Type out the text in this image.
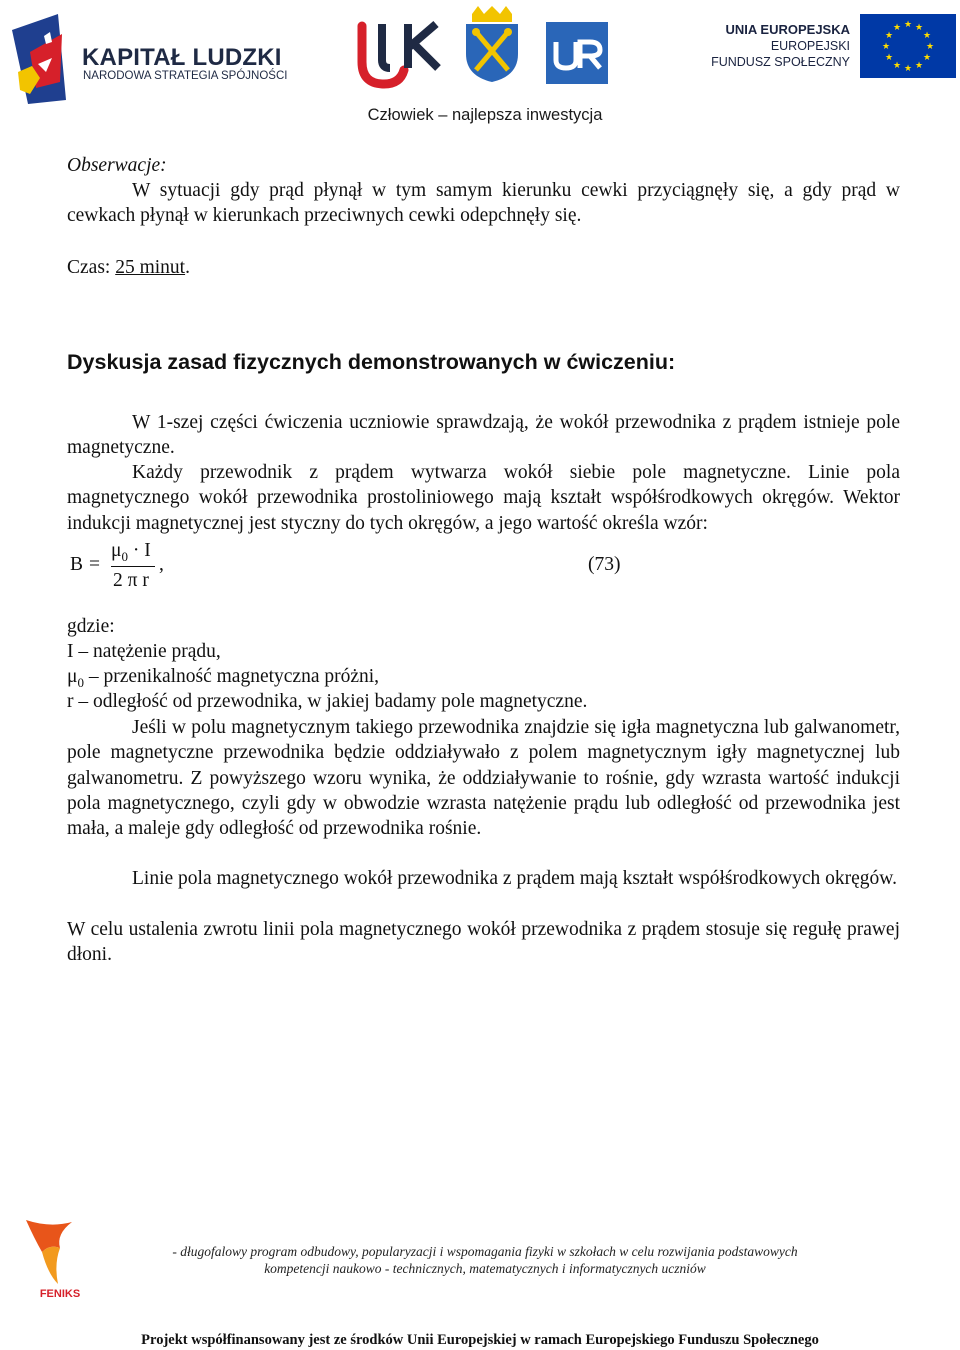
KAPITAŁ LUDZKI
NARODOWA STRATEGIA SPÓJNOŚCI
UNIA EUROPEJSKA
EUROPEJSKI
FUNDUSZ SPOŁECZNY
★ ★
★
★
★
★
★
★
★
★
★
★
Człowiek – najlepsza inwestycja
Obserwacje:
W sytuacji gdy prąd płynął w tym samym kierunku cewki przyciągnęły się, a gdy prąd w cewkach płynął w kierunkach przeciwnych cewki odepchnęły się.
Czas: 25 minut.
Dyskusja zasad fizycznych demonstrowanych w ćwiczeniu:
W 1-szej części ćwiczenia uczniowie sprawdzają, że wokół przewodnika z prądem istnieje pole magnetyczne.
Każdy przewodnik z prądem wytwarza wokół siebie pole magnetyczne. Linie pola magnetycznego wokół przewodnika prostoliniowego mają kształt współśrodkowych okręgów. Wektor indukcji magnetycznej jest styczny do tych okręgów, a jego wartość określa wzór:
B =
$\mu_0 \cdot I$
2 π r
,	(73)
gdzie:
I – natężenie prądu,
$\mu_0$ – przenikalność magnetyczna próżni,
r – odległość od przewodnika, w jakiej badamy pole magnetyczne.
Jeśli w polu magnetycznym takiego przewodnika znajdzie się igła magnetyczna lub galwanometr, pole magnetyczne przewodnika będzie oddziaływało z polem magnetycznym igły magnetycznej lub galwanometru. Z powyższego wzoru wynika, że oddziaływanie to rośnie, gdy wzrasta wartość indukcji pola magnetycznego, czyli gdy w obwodzie wzrasta natężenie prądu lub odległość od przewodnika jest mała, a maleje gdy odległość od przewodnika rośnie.
Linie pola magnetycznego wokół przewodnika z prądem mają kształt współśrodkowych okręgów.
W celu ustalenia zwrotu linii pola magnetycznego wokół przewodnika z prądem stosuje się regułę prawej dłoni.
FENIKS
- długofalowy program odbudowy, popularyzacji i wspomagania fizyki w szkołach w celu rozwijania podstawowych
kompetencji naukowo - technicznych, matematycznych i informatycznych uczniów
Projekt współfinansowany jest ze środków Unii Europejskiej w ramach Europejskiego Funduszu Społecznego
